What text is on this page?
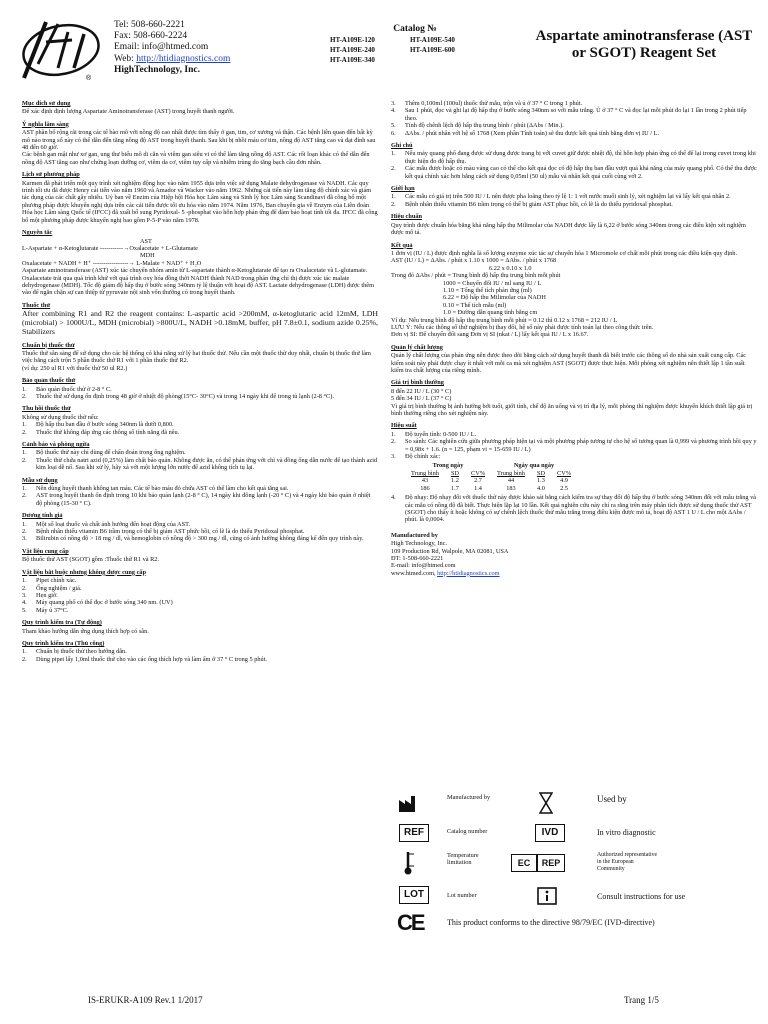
®
Tel: 508-660-2221
Fax: 508-660-2224
Email: info@htmed.com
Web: http://htidiagnostics.com
HighTechnology, Inc.
Catalog №
HT-A109E-120	HT-A109E-540
HT-A109E-240	HT-A109E-600
HT-A109E-340
Aspartate aminotransferase (AST
or SGOT) Reagent Set
Mục đích sử dụng
Để xác định định lượng Aspartate Aminotransferase (AST) trong huyết thanh người.
Ý nghĩa lâm sàng
AST phân bố rộng rãi trong các tế bào mô với nồng độ cao nhất được tìm thấy ở gan, tim, cơ xương và thận. Các bệnh liên quan đến bất kỳ mô nào trong số này có thể dẫn đến tăng nồng độ AST trong huyết thanh. Sau khi bị nhồi máu cơ tim, nồng độ AST tăng cao và đạt đỉnh sau 48 đến 60 giờ.
Các bệnh gan mật như xơ gan, ung thư biểu mô di căn và viêm gan siêu vi có thể làm tăng nồng độ AST. Các rối loạn khác có thể dẫn đến nồng độ AST tăng cao như chứng loạn dưỡng cơ, viêm da cơ, viêm tụy cấp và nhiễm trùng do tăng bạch cầu đơn nhân.
Lịch sử phương pháp
Karmen đã phát triển một quy trình xét nghiệm động học vào năm 1955 dựa trên việc sử dụng Malate dehydrogenase và NADH. Các quy trình tối ưu đã được Henry cải tiến vào năm 1960 và Amador và Wacker vào năm 1962. Những cải tiến này làm tăng độ chính xác và giảm tác dụng của các chất gây nhiễu. Uỷ ban về Enzim của Hiệp hội Hóa học Lâm sàng và Sinh lý học Lâm sàng Scandinavi đã công bố một phương pháp được khuyến nghị dựa trên các cải tiến được tối ưu hóa vào năm 1974. Năm 1976, Ban chuyên gia về Enzym của Liên đoàn Hóa học Lâm sàng Quốc tế (IFCC) đã xuất bổ sung Pyridoxal- 5 -phosphat vào hỗn hợp phản ứng để đảm bảo hoạt tính tối đa. IFCC đã công bố một phương pháp được khuyến nghị bao gồm P-5-P vào năm 1978.
Nguyên tắc
AST
L-Aspartate + α-Ketoglutarate -----------→Oxalacetate + L-Glutamate
MDH
Oxalacetate + NADH + H⁺ -----------------→ L-Malate + NAD⁺ + H₂O
Aspartate aminotransferase (AST) xúc tác chuyển nhóm amin từ L-aspartate thành α-Ketoglutarate để tạo ra Oxalacetate và L-glutamate. Oxalacetate trải qua quá trình khử với quá trình oxy hóa đồng thời NADH thành NAD trong phản ứng chỉ thị được xúc tác malate dehydrogenase (MDH). Tốc độ giảm độ hấp thụ ở bước sóng 340nm tỷ lệ thuận với hoạt độ AST. Lactate dehydrogenase (LDH) được thêm vào để ngăn chặn sự can thiệp từ pyruvate nội sinh vốn thường có trong huyết thanh.
Thuốc thử
After combining R1 and R2 the reagent contains: L-aspartic acid >200mM, α-ketoglutaric acid 12mM, LDH (microbial) > 1000U/L, MDH (microbial) >800U/L, NADH >0.18mM, buffer, pH 7.8±0.1, sodium azide 0.25%, Stabilizers
Chuẩn bị thuốc thử
Thuốc thử sẵn sàng để sử dụng cho các hệ thống có khả năng xử lý hai thuốc thử. Nếu cần một thuốc thử duy nhất, chuẩn bị thuốc thử làm việc bằng cách trộn 5 phần thuốc thử R1 với 1 phần thuốc thử R2.
(ví dụ: 250 ul R1 với thuốc thử 50 ul R2.)
Bảo quản thuốc thử
1.	Bảo quản thuốc thử ở 2-8 ° C.
2.	Thuốc thử sử dụng ổn định trong 48 giờ ở nhiệt độ phòng(15°C- 30°C) và trong 14 ngày khi để trong tủ lạnh (2-8 °C).
Thu hồi thuốc thử
Không sử dụng thuốc thử nếu:
1.	Độ hấp thu ban đầu ở bước sóng 340nm là dưới 0,800.
2.	Thuốc thử không đáp ứng các thông số tính năng đã nêu.
Cảnh báo và phòng ngừa
1.	Bộ thuốc thử này chỉ dùng để chẩn đoán trong ống nghiệm.
2.	Thuốc thử chứa natri azid (0,25%) làm chất bảo quản. Không được ăn, có thể phản ứng với chì và đồng ống dẫn nước để tạo thành azid kim loại dễ nổ. Sau khi xử lý, hãy xả với một lượng lớn nước để azid không tích tụ lại.
Mẫu sử dụng
1.	Nên dùng huyết thanh không tan máu. Các tế bào máu đỏ chứa AST có thể làm cho kết quả tăng sai.
2.	AST trong huyết thanh ổn định trong 10 khi bảo quản lạnh (2-8 ° C), 14 ngày khi đông lạnh (-20 ° C) và 4 ngày khi bảo quản ở nhiệt độ phòng (15-30 ° C).
Dương tính giả
1.	Một số loại thuốc và chất ảnh hưởng đến hoạt động của AST.
2.	Bệnh nhân thiếu vitamin B6 trầm trọng có thể bị giảm AST phức hồi, có lẽ là do thiếu Pyridoxal phosphat.
3.	Bilirubin có nồng độ > 18 mg / dl, và hemoglobin có nồng độ > 300 mg / dl, cũng có ảnh hưởng không đáng kể đến quy trình này.
Vật liệu cung cấp
Bộ thuốc thử AST (SGOT) gồm :Thuốc thử R1 và R2.
Vật liệu bắt buộc nhưng không được cung cấp
1.	Pipet chính xác.
2.	Ống nghiệm / giá.
3.	Hẹn giờ.
4.	Máy quang phổ có thể đọc ở bước sóng 340 nm. (UV)
5.	Máy ủ 37°C.
Quy trình kiểm tra (Tự động)
Tham khảo hướng dẫn ứng dụng thích hợp có sẵn.
Quy trình kiểm tra (Thủ công)
1.	Chuẩn bị thuốc thử theo hướng dẫn.
2.	Dùng pipet lấy 1,0ml thuốc thử cho vào các ống thích hợp và làm ấm ở 37 ° C trong 5 phút.
3.	Thêm 0,100ml (100ul) thuốc thử mẫu, trộn và ủ ở 37 ° C trong 1 phút.
4.	Sau 1 phút, đọc và ghi lại độ hấp thụ ở bước sóng 340nm so với mẫu trắng. Ủ ở 37 ° C và đọc lại mỗi phút đo lại 1 lần trong 2 phút tiếp theo.
5.	Tính độ chênh lệch độ hấp thụ trung bình / phút (ΔAbs / Min.).
6.	ΔAbs. / phút nhân với hệ số 1768 (Xem phần Tính toán) sẽ thu được kết quả tính bằng đơn vị IU / L.
Ghi chú
1.	Nếu máy quang phổ đang được sử dụng được trang bị với cuvet giữ được nhiệt độ, thì hỗn hợp phản ứng có thể để lại trong cuvet trong khi thực hiện đo độ hấp thụ.
2.	Các mẫu được hoặc có màu vàng cao có thể cho kết quả đọc có độ hấp thụ ban đầu vượt quá khả năng của máy quang phổ. Có thể thu được kết quả chính xác hơn bằng cách sử dụng 0,05ml (50 ul) mẫu và nhân kết quả cuối cùng với 2.
Giới hạn
1.	Các mẫu có giá trị trên 500 IU / L nên được pha loãng theo tỷ lệ 1: 1 với nước muối sinh lý, xét nghiệm lại và lấy kết quả nhân 2.
2.	Bệnh nhân thiếu vitamin B6 trầm trọng có thể bị giảm AST phục hồi, có lẽ là do thiếu pyridoxal phosphat.
Hiệu chuẩn
Quy trình được chuẩn hóa bằng khả năng hấp thụ Milimolar của NADH được lấy là 6,22 ở bước sóng 340nm trong các điều kiện xét nghiệm được mô tả.
Kết quả
1 đơn vị (IU / L) được định nghĩa là số lượng enzyme xúc tác sự chuyển hóa 1 Micromole cơ chất mỗi phút trong các điều kiện quy định.
AST (IU / L) = ΔAbs. / phút x 1.10 x 1000 = ΔAbs. / phút x 1768
6.22 x 0.10 x 1.0
Trong đó ΔAbs / phút = Trung bình độ hấp thụ trung bình mỗi phút
1000 = Chuyển đổi IU / ml sang IU / L
1.10 = Tổng thể tích phản ứng (ml)
6.22 = Độ hấp thu Milimolar của NADH
0.10 = Thể tích mẫu (ml)
1.0 = Đường dẫn quang tính bằng cm
Ví dụ: Nếu trung bình độ hấp thụ trung bình mỗi phút = 0.12 thì 0.12 x 1768 = 212 IU / L
LƯU Ý: Nếu các thông số thử nghiệm bị thay đổi, hệ số này phải được tính toán lại theo công thức trên.
Đơn vị SI: Để chuyển đổi sang Đơn vị SI (nkat / L) lấy kết quả IU / L x 16.67.
Quản lý chất lượng
Quản lý chất lượng của phản ứng nên được theo dõi bằng cách sử dụng huyết thanh đã biết trước các thông số do nhà sản xuất cung cấp. Các kiểm soát này phải được chạy ít nhất với mỗi ca mà xét nghiệm AST (SGOT) được thực hiện. Mỗi phòng xét nghiệm nên thiết lập 1 tần suất kiểm tra chất lượng của riêng mình.
Giá trị bình thường
8 đến 22 IU / L (30 ° C)
5 đến 34 IU / L (37 ° C)
Vì giá trị bình thường bị ảnh hưởng bởi tuổi, giới tính, chế độ ăn uống và vị trí địa lý, mỗi phòng thí nghiệm được khuyến khích thiết lập giá trị bình thường riêng cho xét nghiệm này.
Hiệu suất
1.	Độ tuyến tính: 0-500 IU / L.
2.	So sánh: Các nghiên cứu giữa phương pháp hiện tại và một phương pháp tương tự cho hệ số tương quan là 0,999 và phương trình hồi quy y = 0,98x + 1.6. (n = 125, phạm vi = 15-659 IU / L)
3.	Độ chính xác:
Trong ngày			Ngày qua ngày		
Trung bình	SD	CV%	Trung bình	SD	CV%
43	1.2	2.7	44	1.3	4.9
186	1.7	1.4	183	4.0	2.5
4.	Độ nhạy: Độ nhạy đối với thuốc thử này được khảo sát bằng cách kiểm tra sự thay đổi độ hấp thụ ở bước sóng 340nm đối với mẫu trắng và các mẫu có nồng độ đã biết. Thực hiện lặp lại 10 lần. Kết quả nghiên cứu này chỉ ra rằng trên máy phân tích được sử dụng thuốc thử AST (SGOT) cho thấy ít hoặc không có sự chênh lệch thuốc thử mẫu trắng trong điều kiện được mô tả, hoạt độ AST 1 U / L cho một ΔAbs / phút. là 0,0004.
Manufactured by
High Technology, Inc.
109 Production Rd, Walpole, MA 02081, USA
ĐT: 1-508-660-2221
E-mail: info@htmed.com
www.htmed.com, http://htidiagnostics.com
Manufactured by	Used by
REF	Catalog number	IVD	In vitro diagnostic
Temperature
limitation	EC	REP
Authorized representative
in the European
Community
LOT	Lot number	Consult instructions for use
CE	This product conforms to the directive 98/79/EC (IVD-directive)
IS-ERUKR-A109 Rev.1 1/2017	Trang 1/5
